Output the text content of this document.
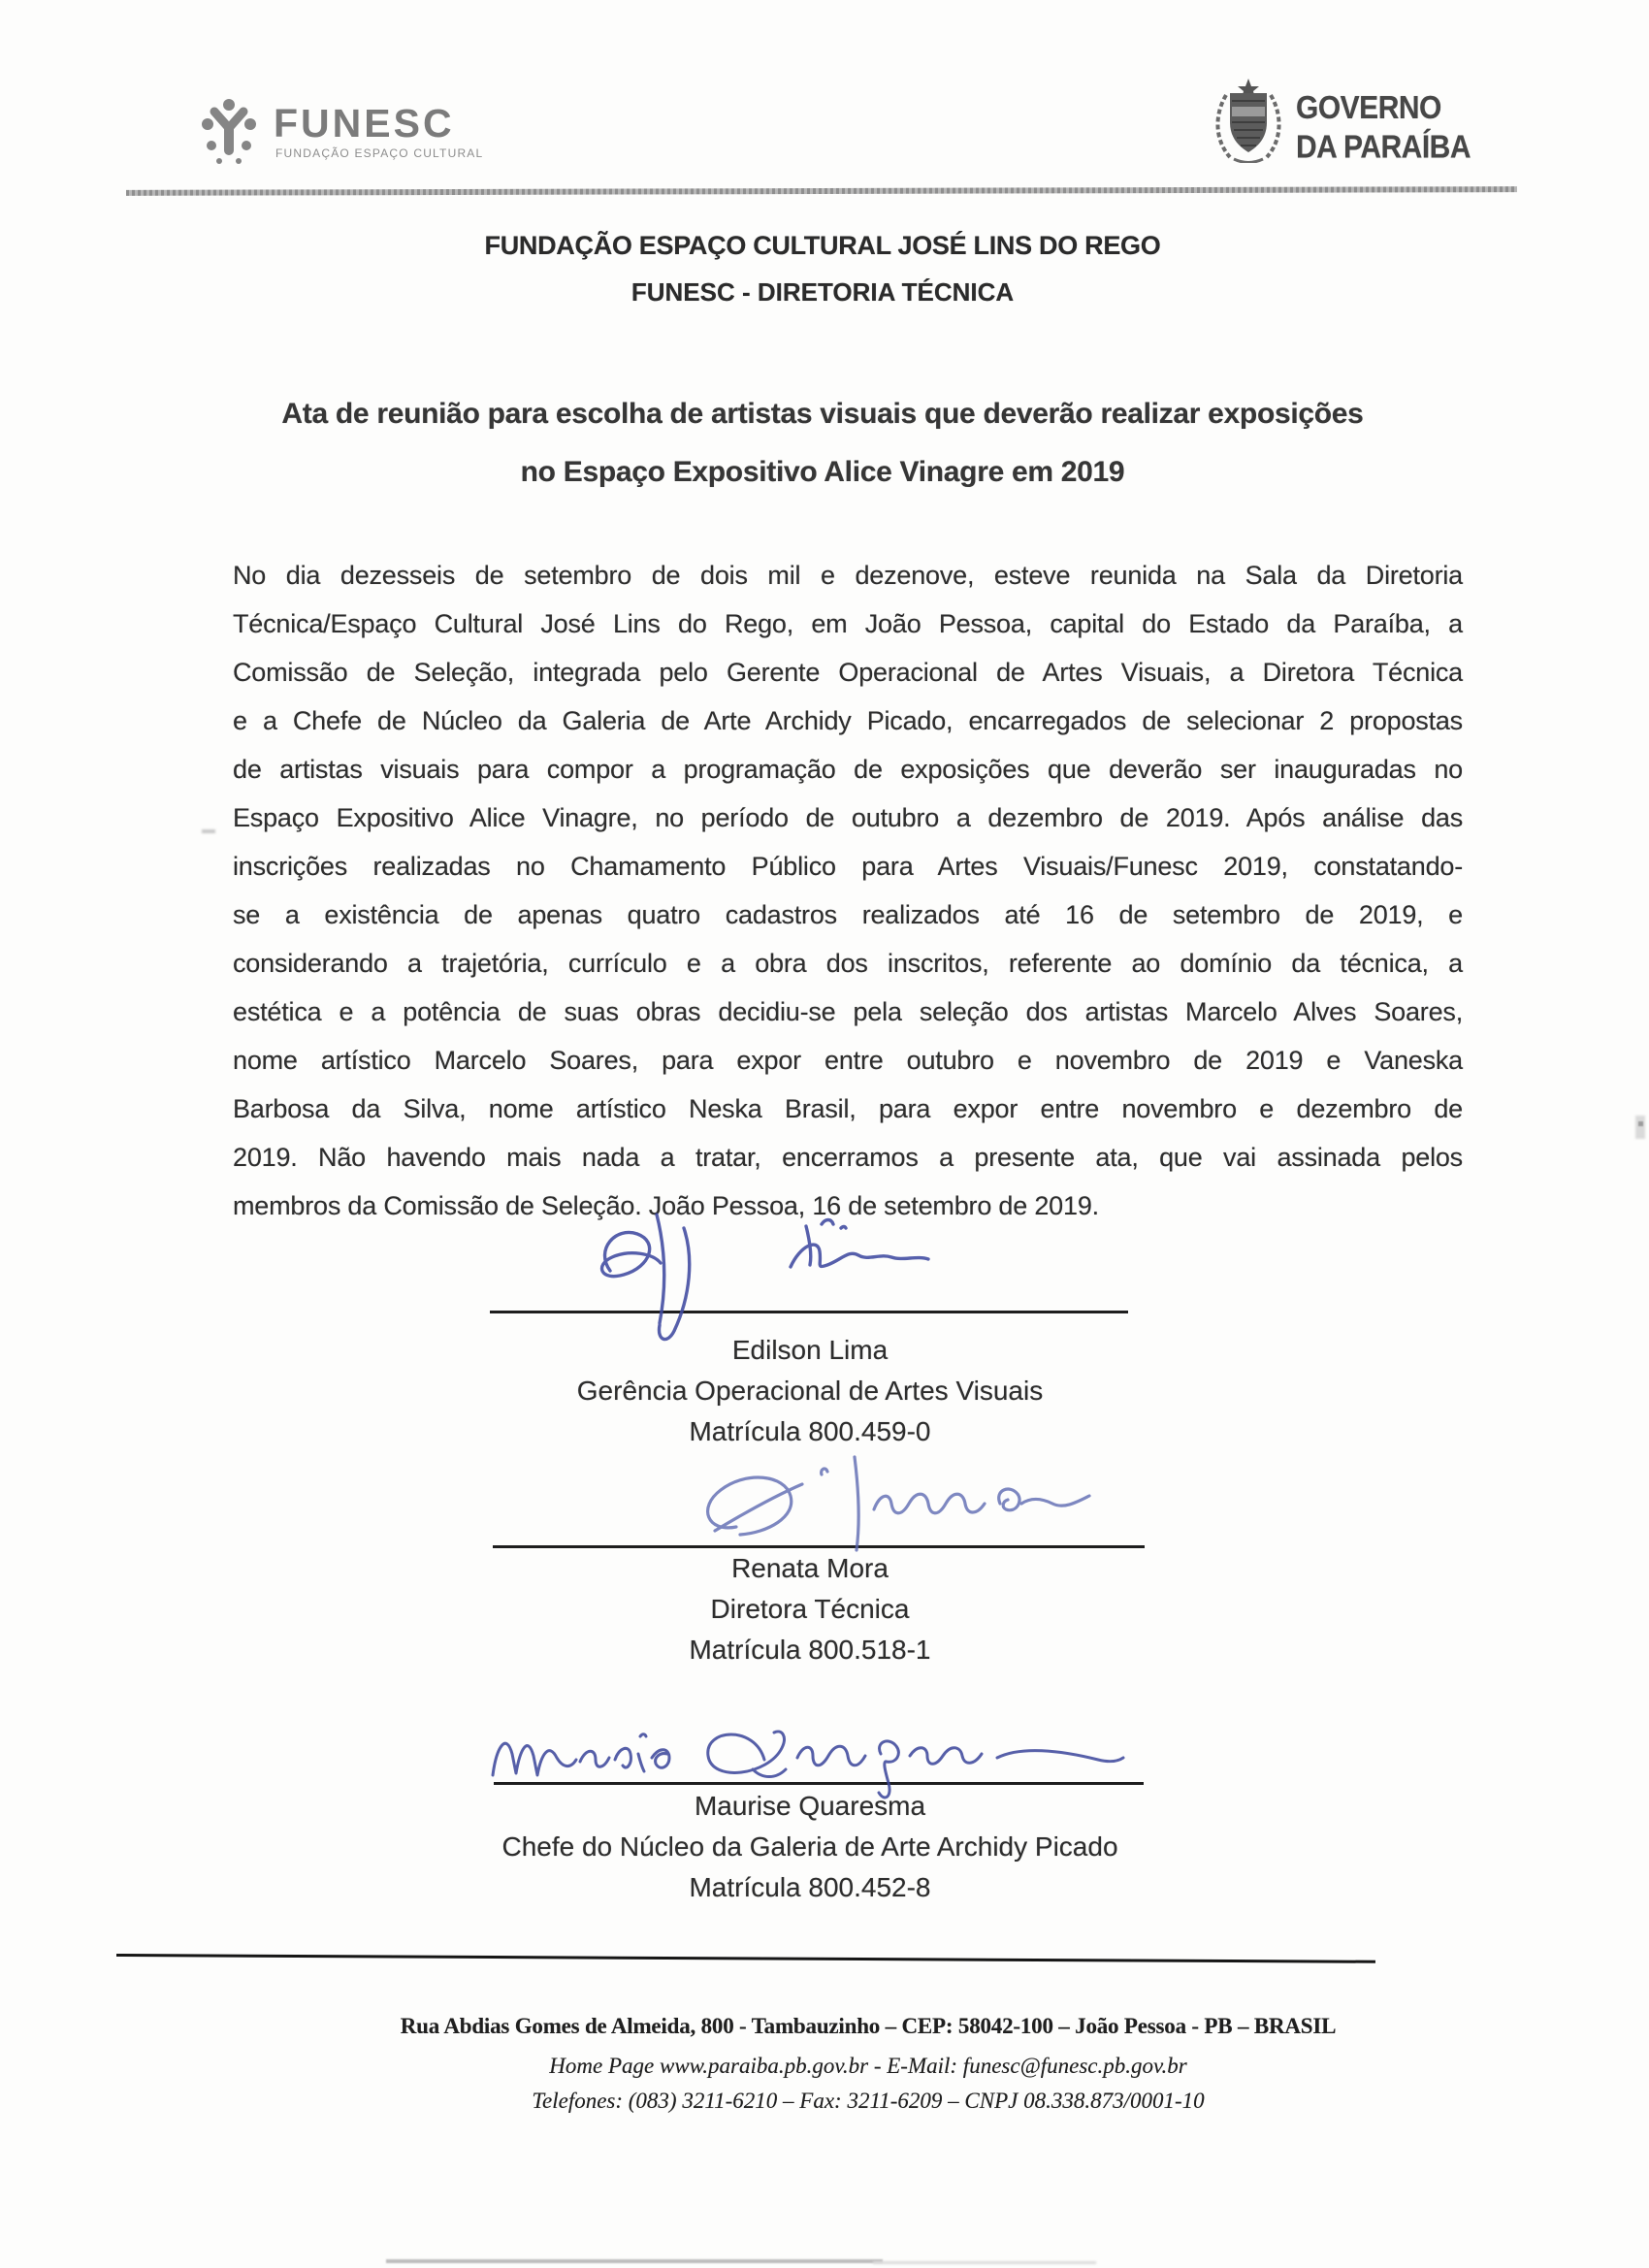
FUNESC
FUNDAÇÃO ESPAÇO CULTURAL
GOVERNO
DA PARAÍBA
FUNDAÇÃO ESPAÇO CULTURAL JOSÉ LINS DO REGO
FUNESC - DIRETORIA TÉCNICA
Ata de reunião para escolha de artistas visuais que deverão realizar exposições
no Espaço Expositivo Alice Vinagre em 2019
No dia dezesseis de setembro de dois mil e dezenove, esteve reunida na Sala da Diretoria
Técnica/Espaço Cultural José Lins do Rego, em João Pessoa, capital do Estado da Paraíba, a
Comissão de Seleção, integrada pelo Gerente Operacional de Artes Visuais, a Diretora Técnica
e a Chefe de Núcleo da Galeria de Arte Archidy Picado, encarregados de selecionar 2 propostas
de artistas visuais para compor a programação de exposições que deverão ser inauguradas no
Espaço Expositivo Alice Vinagre, no período de outubro a dezembro de 2019. Após análise das
inscrições realizadas no Chamamento Público para Artes Visuais/Funesc 2019, constatando-
se a existência de apenas quatro cadastros realizados até 16 de setembro de 2019, e
considerando a trajetória, currículo e a obra dos inscritos, referente ao domínio da técnica, a
estética e a potência de suas obras decidiu-se pela seleção dos artistas Marcelo Alves Soares,
nome artístico Marcelo Soares, para expor entre outubro e novembro de 2019 e Vaneska
Barbosa da Silva, nome artístico Neska Brasil, para expor entre novembro e dezembro de
2019. Não havendo mais nada a tratar, encerramos a presente ata, que vai assinada pelos
membros da Comissão de Seleção. João Pessoa, 16 de setembro de 2019.
Edilson Lima
Gerência Operacional de Artes Visuais
Matrícula 800.459-0
Renata Mora
Diretora Técnica
Matrícula 800.518-1
Maurise Quaresma
Chefe do Núcleo da Galeria de Arte Archidy Picado
Matrícula 800.452-8
Rua Abdias Gomes de Almeida, 800 - Tambauzinho – CEP: 58042-100 – João Pessoa - PB – BRASIL
Home Page www.paraiba.pb.gov.br - E-Mail: funesc@funesc.pb.gov.br
Telefones: (083) 3211-6210 – Fax: 3211-6209 – CNPJ 08.338.873/0001-10
